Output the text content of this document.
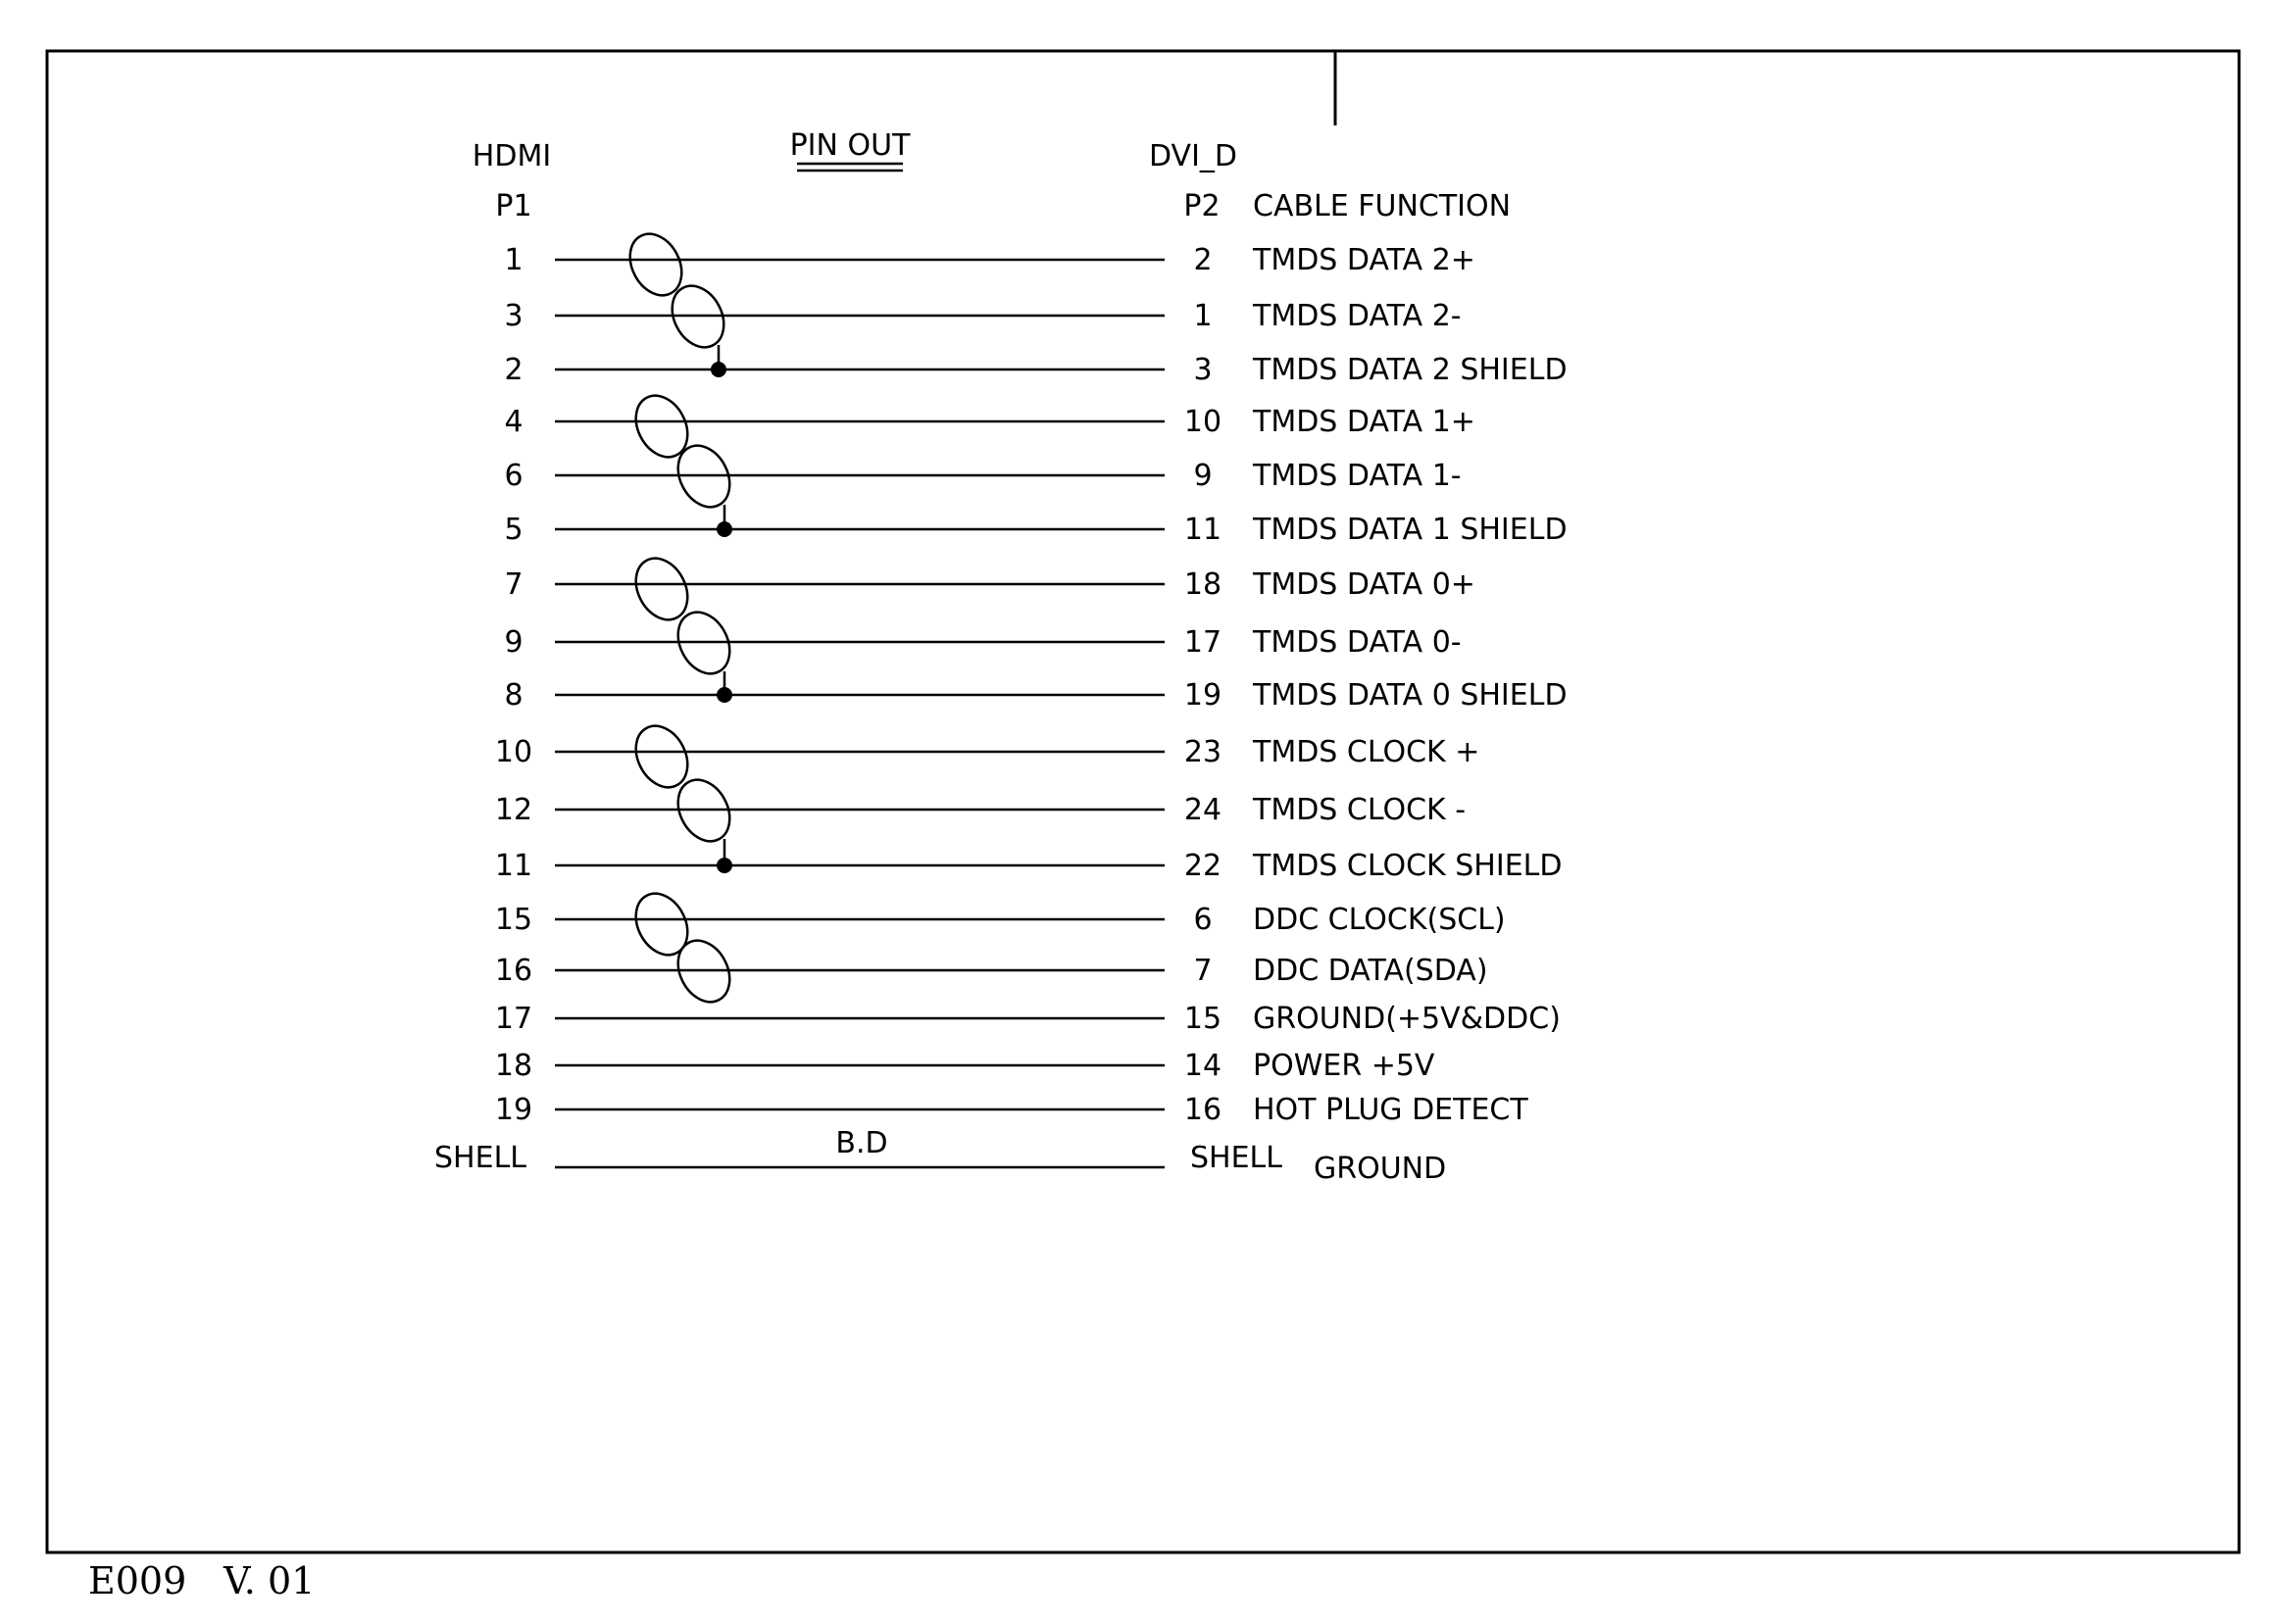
HDMI	PIN OUT	DVI_D
P1	P2 CABLE FUNCTION
1	2 TMDS DATA 2+
3	1 TMDS DATA 2-
2	3 TMDS DATA 2 SHIELD
4	10 TMDS DATA 1+
6	9 TMDS DATA 1-
5	11 TMDS DATA 1 SHIELD
7	18 TMDS DATA 0+
9	17 TMDS DATA 0-
8	19 TMDS DATA 0 SHIELD
10	23 TMDS CLOCK +
12	24 TMDS CLOCK -
11	22 TMDS CLOCK SHIELD
15	6 DDC CLOCK(SCL)
16	7 DDC DATA(SDA)
17	15 GROUND(+5V&DDC)
18	14 POWER +5V
19	16 HOT PLUG DETECT
SHELL	SHELL GROUND
B.D
E009 V. 01
